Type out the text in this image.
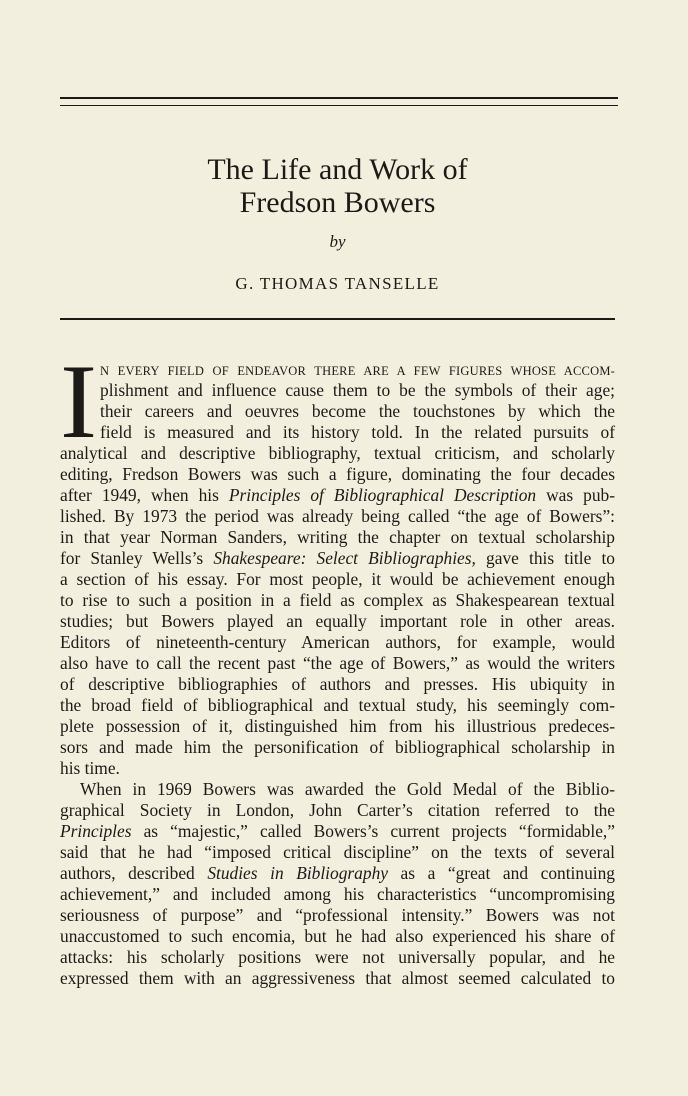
The Life and Work of
Fredson Bowers
by
G. THOMAS TANSELLE
I N EVERY FIELD OF ENDEAVOR THERE ARE A FEW FIGURES WHOSE ACCOM-
plishment and influence cause them to be the symbols of their age;
their careers and oeuvres become the touchstones by which the
field is measured and its history told. In the related pursuits of
analytical and descriptive bibliography, textual criticism, and scholarly
editing, Fredson Bowers was such a figure, dominating the four decades
after 1949, when his Principles of Bibliographical Description was pub-
lished. By 1973 the period was already being called “the age of Bowers”:
in that year Norman Sanders, writing the chapter on textual scholarship
for Stanley Wells’s Shakespeare: Select Bibliographies, gave this title to
a section of his essay. For most people, it would be achievement enough
to rise to such a position in a field as complex as Shakespearean textual
studies; but Bowers played an equally important role in other areas.
Editors of nineteenth-century American authors, for example, would
also have to call the recent past “the age of Bowers,” as would the writers
of descriptive bibliographies of authors and presses. His ubiquity in
the broad field of bibliographical and textual study, his seemingly com-
plete possession of it, distinguished him from his illustrious predeces-
sors and made him the personification of bibliographical scholarship in
his time.
When in 1969 Bowers was awarded the Gold Medal of the Biblio-
graphical Society in London, John Carter’s citation referred to the
Principles as “majestic,” called Bowers’s current projects “formidable,”
said that he had “imposed critical discipline” on the texts of several
authors, described Studies in Bibliography as a “great and continuing
achievement,” and included among his characteristics “uncompromising
seriousness of purpose” and “professional intensity.” Bowers was not
unaccustomed to such encomia, but he had also experienced his share of
attacks: his scholarly positions were not universally popular, and he
expressed them with an aggressiveness that almost seemed calculated to
